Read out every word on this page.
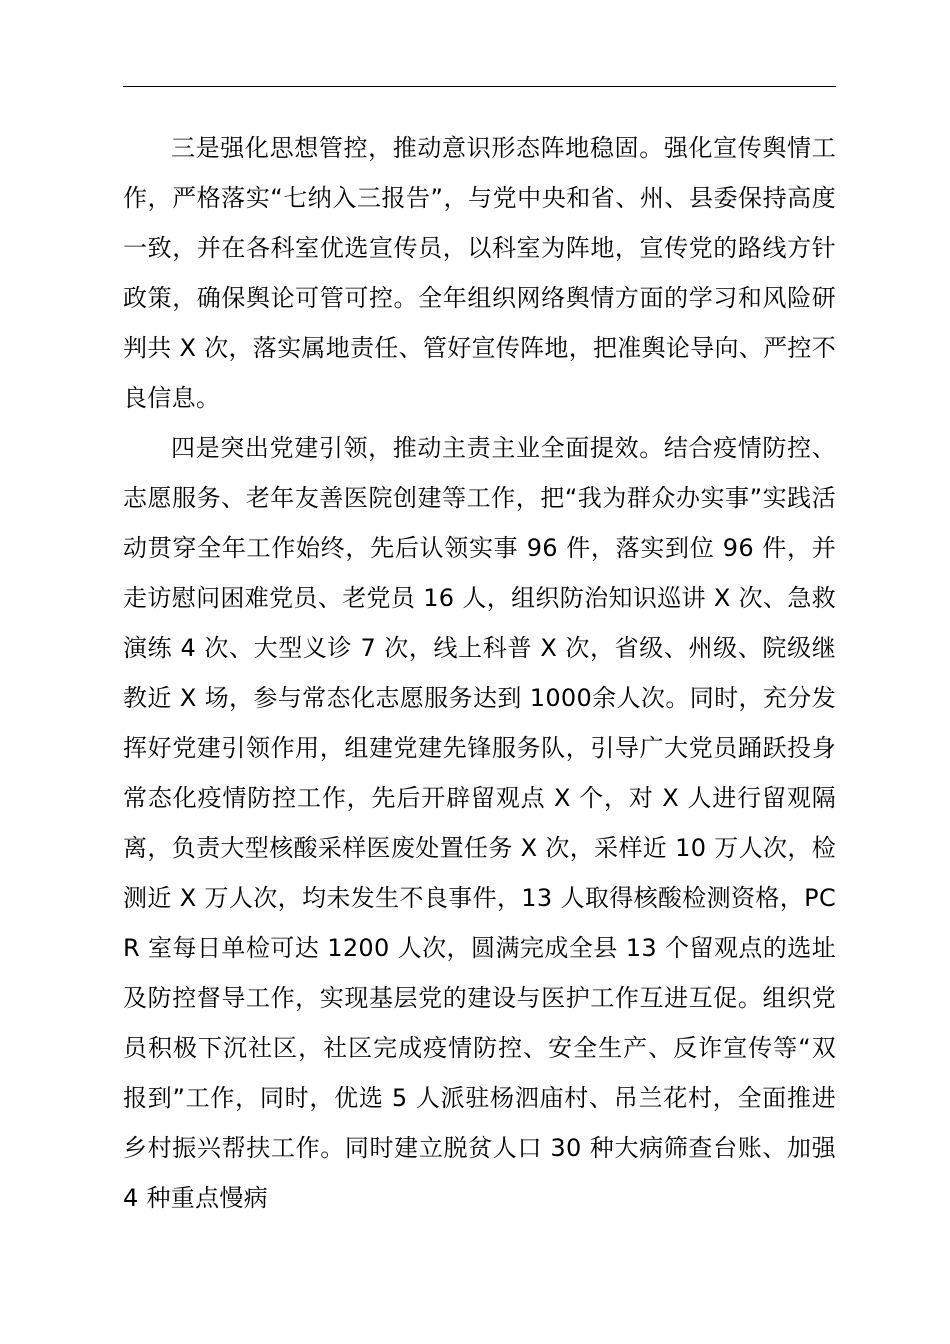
三是强化思想管控，推动意识形态阵地稳固。强化宣传舆情工作，严格落实“七纳入三报告”，与党中央和省、州、县委保持高度一致，并在各科室优选宣传员，以科室为阵地，宣传党的路线方针政策，确保舆论可管可控。全年组织网络舆情方面的学习和风险研判共 X 次，落实属地责任、管好宣传阵地，把准舆论导向、严控不良信息。

四是突出党建引领，推动主责主业全面提效。结合疫情防控、志愿服务、老年友善医院创建等工作，把“我为群众办实事”实践活动贯穿全年工作始终，先后认领实事 96 件，落实到位 96 件，并走访慰问困难党员、老党员 16 人，组织防治知识巡讲 X 次、急救演练 4 次、大型义诊 7 次，线上科普 X 次，省级、州级、院级继教近 X 场，参与常态化志愿服务达到 1000余人次。同时，充分发挥好党建引领作用，组建党建先锋服务队，引导广大党员踊跃投身常态化疫情防控工作，先后开辟留观点 X 个，对 X 人进行留观隔离，负责大型核酸采样医废处置任务 X 次，采样近 10 万人次，检测近 X 万人次，均未发生不良事件，13 人取得核酸检测资格，PCR 室每日单检可达 1200 人次，圆满完成全县 13 个留观点的选址及防控督导工作，实现基层党的建设与医护工作互进互促。组织党员积极下沉社区，社区完成疫情防控、安全生产、反诈宣传等“双报到”工作，同时，优选 5 人派驻杨泗庙村、吊兰花村，全面推进乡村振兴帮扶工作。同时建立脱贫人口 30 种大病筛查台账、加强 4 种重点慢病
